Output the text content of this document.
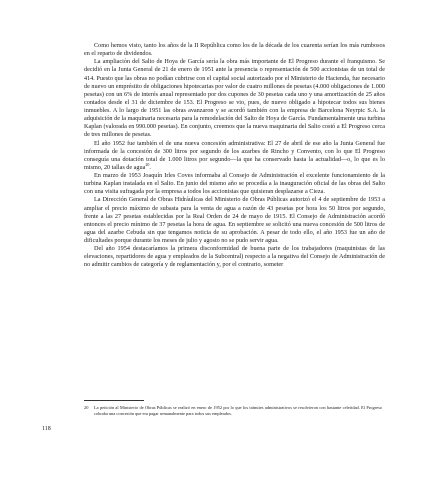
Como hemos visto, tanto los años de la II República como los de la década de los cuarenta serían los más rumbosos en el reparto de dividendos.

La ampliación del Salto de Hoya de García sería la obra más importante de El Progreso durante el franquismo. Se decidió en la Junta General de 21 de enero de 1951 ante la presencia o representación de 500 accionistas de un total de 414. Puesto que las obras no podían cubrirse con el capital social autorizado por el Ministerio de Hacienda, fue necesario de nuevo un empréstito de obligaciones hipotecarias por valor de cuatro millones de pesetas (4.000 obligaciones de 1.000 pesetas) con un 6% de interés anual representado por dos cupones de 30 pesetas cada uno y una amortización de 25 años contados desde el 31 de diciembre de 153. El Progreso se vio, pues, de nuevo obligado a hipotecar todos sus bienes inmuebles. A lo largo de 1951 las obras avanzaron y se acordó también con la empresa de Barcelona Neyrpic S.A. la adquisición de la maquinaria necesaria para la remodelación del Salto de Hoya de García. Fundamentalmente una turbina Kaplan (valorada en 990.000 pesetas). En conjunto, creemos que la nueva maquinaria del Salto costó a El Progreso cerca de tres millones de pesetas.

El año 1952 fue también el de una nueva concesión administrativa: El 27 de abril de ese año la Junta General fue informada de la concesión de 300 litros por segundo de los azarbes de Rincho y Convento, con lo que El Progreso conseguía una dotación total de 1.000 litros por segundo—la que ha conservado hasta la actualidad—o, lo que es lo mismo, 20 tallas de agua$^{20}$.

En marzo de 1953 Joaquín Irles Coves informaba al Consejo de Administración el excelente funcionamiento de la turbina Kaplan instalada en el Salto. En junio del mismo año se procedía a la inauguración oficial de las obras del Salto con una visita sufragada por la empresa a todos los accionistas que quisieran desplazarse a Cieza.

La Dirección General de Obras Hidráulicas del Ministerio de Obras Públicas autorizó el 4 de septiembre de 1953 a ampliar el precio máximo de subasta para la venta de agua a razón de 43 pesetas por hora los 50 litros por segundo, frente a las 27 pesetas establecidas por la Real Orden de 24 de mayo de 1915. El Consejo de Administración acordó entonces el precio mínimo de 37 pesetas la hora de agua. En septiembre se solicitó una nueva concesión de 500 litros de agua del azarbe Cebuda sin que tengamos noticia de su aprobación. A pesar de todo ello, el año 1953 fue un año de dificultades porque durante los meses de julio y agosto no se pudo servir agua.

Del año 1954 destacaríamos la primera disconformidad de buena parte de los trabajadores (maquinistas de las elevaciones, repartidores de agua y empleados de la Subcentral) respecto a la negativa del Consejo de Administración de no admitir cambios de categoría y de reglamentación y, por el contrario, someter

20 La petición al Ministerio de Obras Públicas se realizó en enero de 1952 por lo que los trámites administrativos se resolvieron con bastante celeridad. El Progreso cobraba una concesión que era pagar semanalmente para todos sus empleados.
118
